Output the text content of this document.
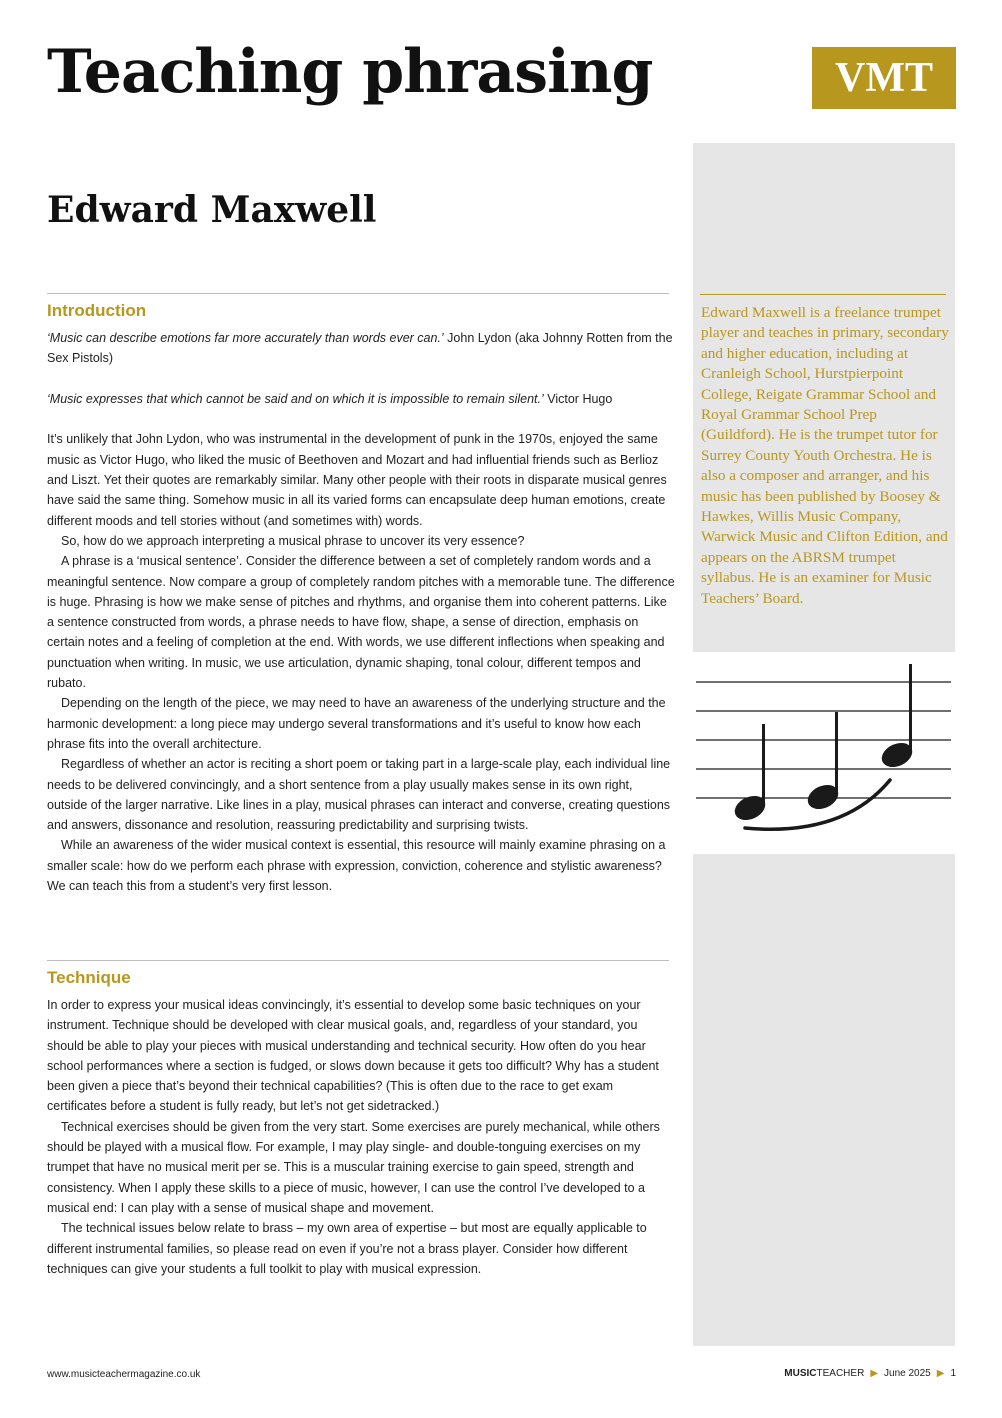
Teaching phrasing	VMT
Edward Maxwell

Edward Maxwell is a freelance trumpet player and teaches in primary, secondary and higher education, including at Cranleigh School, Hurstpierpoint College, Reigate Grammar School and Royal Grammar School Prep (Guildford). He is the trumpet tutor for Surrey County Youth Orchestra. He is also a composer and arranger, and his music has been published by Boosey & Hawkes, Willis Music Company, Warwick Music and Clifton Edition, and appears on the ABRSM trumpet syllabus. He is an examiner for Music Teachers’ Board.

Introduction

‘Music can describe emotions far more accurately than words ever can.’ John Lydon (aka Johnny Rotten from the Sex Pistols)

‘Music expresses that which cannot be said and on which it is impossible to remain silent.’ Victor Hugo

It’s unlikely that John Lydon, who was instrumental in the development of punk in the 1970s, enjoyed the same music as Victor Hugo, who liked the music of Beethoven and Mozart and had influential friends such as Berlioz and Liszt. Yet their quotes are remarkably similar. Many other people with their roots in disparate musical genres have said the same thing. Somehow music in all its varied forms can encapsulate deep human emotions, create different moods and tell stories without (and sometimes with) words.

So, how do we approach interpreting a musical phrase to uncover its very essence?

A phrase is a ‘musical sentence’. Consider the difference between a set of completely random words and a meaningful sentence. Now compare a group of completely random pitches with a memorable tune. The difference is huge. Phrasing is how we make sense of pitches and rhythms, and organise them into coherent patterns. Like a sentence constructed from words, a phrase needs to have flow, shape, a sense of direction, emphasis on certain notes and a feeling of completion at the end. With words, we use different inflections when speaking and punctuation when writing. In music, we use articulation, dynamic shaping, tonal colour, different tempos and rubato.

Depending on the length of the piece, we may need to have an awareness of the underlying structure and the harmonic development: a long piece may undergo several transformations and it’s useful to know how each phrase fits into the overall architecture.

Regardless of whether an actor is reciting a short poem or taking part in a large-scale play, each individual line needs to be delivered convincingly, and a short sentence from a play usually makes sense in its own right, outside of the larger narrative. Like lines in a play, musical phrases can interact and converse, creating questions and answers, dissonance and resolution, reassuring predictability and surprising twists.

While an awareness of the wider musical context is essential, this resource will mainly examine phrasing on a smaller scale: how do we perform each phrase with expression, conviction, coherence and stylistic awareness? We can teach this from a student’s very first lesson.

Technique

In order to express your musical ideas convincingly, it’s essential to develop some basic techniques on your instrument. Technique should be developed with clear musical goals, and, regardless of your standard, you should be able to play your pieces with musical understanding and technical security. How often do you hear school performances where a section is fudged, or slows down because it gets too difficult? Why has a student been given a piece that’s beyond their technical capabilities? (This is often due to the race to get exam certificates before a student is fully ready, but let’s not get sidetracked.)

Technical exercises should be given from the very start. Some exercises are purely mechanical, while others should be played with a musical flow. For example, I may play single- and double-tonguing exercises on my trumpet that have no musical merit per se. This is a muscular training exercise to gain speed, strength and consistency. When I apply these skills to a piece of music, however, I can use the control I’ve developed to a musical end: I can play with a sense of musical shape and movement.

The technical issues below relate to brass – my own area of expertise – but most are equally applicable to different instrumental families, so please read on even if you’re not a brass player. Consider how different techniques can give your students a full toolkit to play with musical expression.

www.musicteachermagazine.co.uk	MUSICTEACHER ▶ June 2025 ▶ 1
